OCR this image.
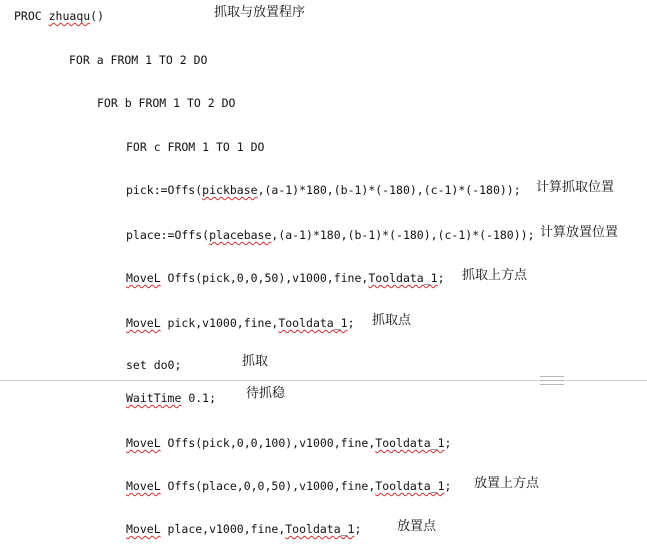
PROC zhuaqu()	抓取与放置程序
FOR a FROM 1 TO 2 DO
FOR b FROM 1 TO 2 DO
FOR c FROM 1 TO 1 DO
pick:=Offs(pickbase,(a-1)*180,(b-1)*(-180),(c-1)*(-180)); 计算抓取位置
place:=Offs(placebase,(a-1)*180,(b-1)*(-180),(c-1)*(-180)); 计算放置位置
MoveL Offs(pick,0,0,50),v1000,fine,Tooldata_1; 抓取上方点
MoveL pick,v1000,fine,Tooldata_1; 抓取点
set do0;	抓取
WaitTime 0.1; 待抓稳
MoveL Offs(pick,0,0,100),v1000,fine,Tooldata_1;
MoveL Offs(place,0,0,50),v1000,fine,Tooldata_1; 放置上方点
MoveL place,v1000,fine,Tooldata_1;	放置点
